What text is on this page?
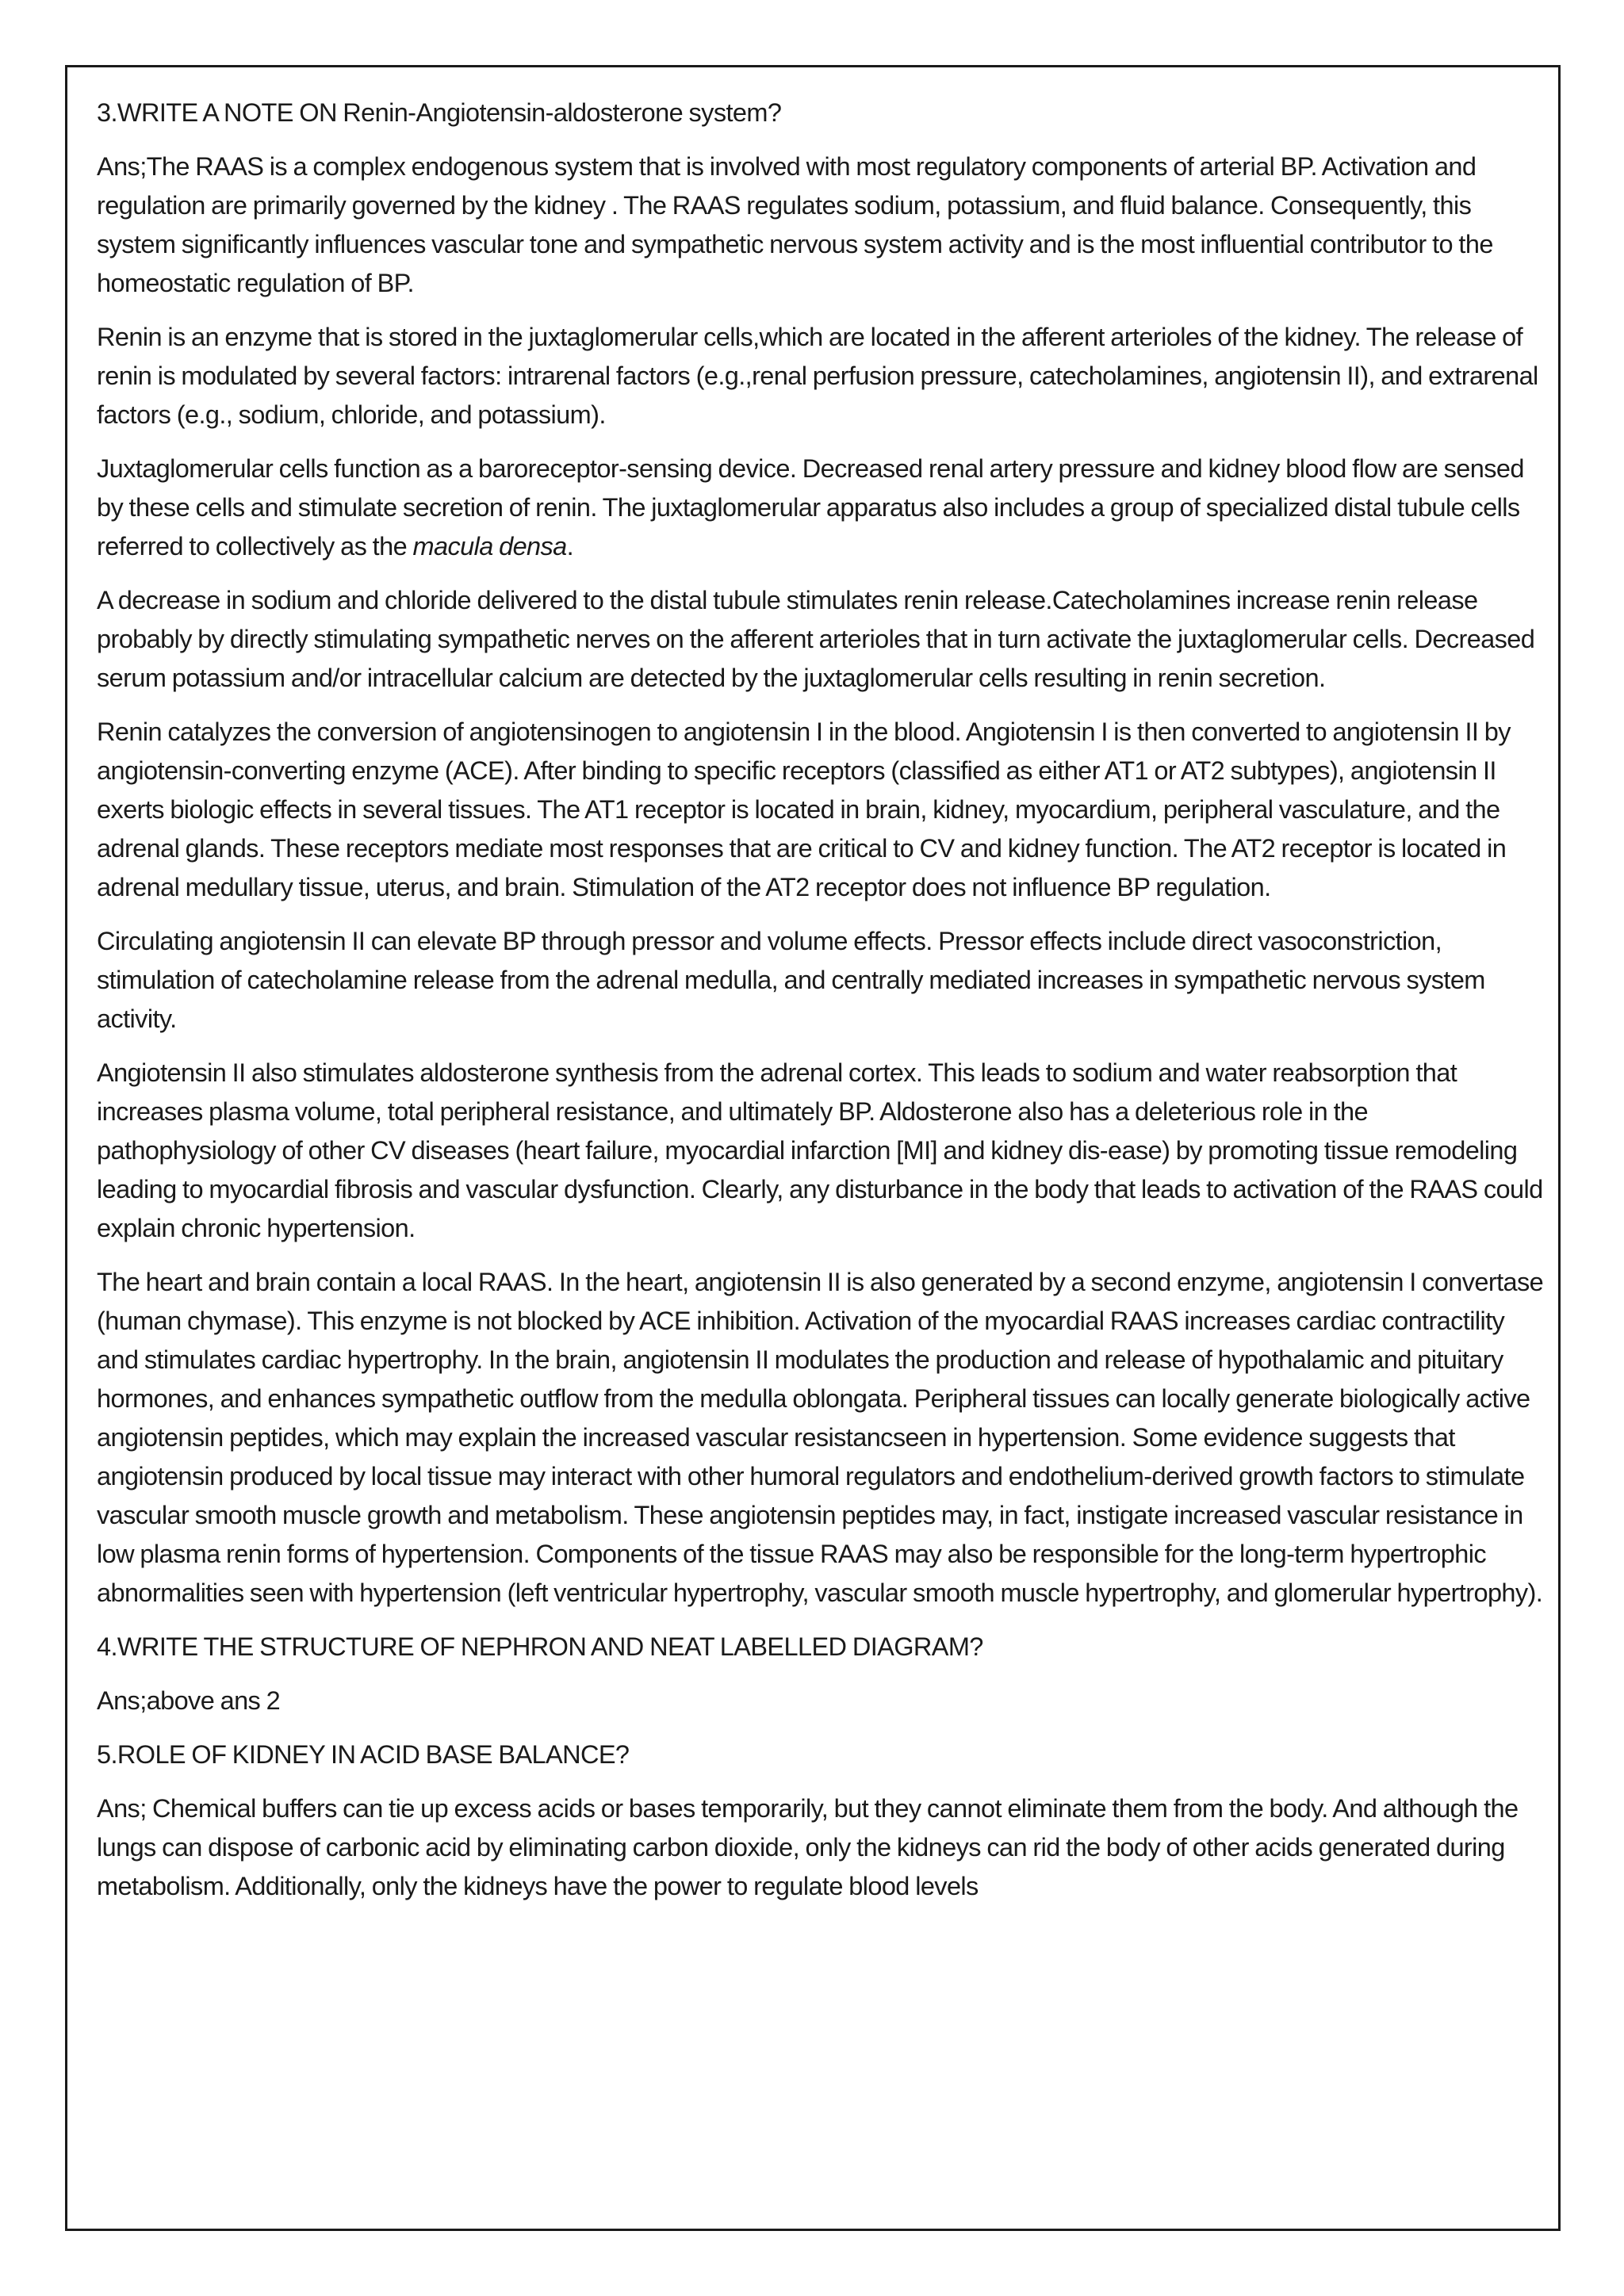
3.WRITE A NOTE ON Renin-Angiotensin-aldosterone system?

Ans;The RAAS is a complex endogenous system that is involved with most regulatory components of arterial BP. Activation and regulation are primarily governed by the kidney . The RAAS regulates sodium, potassium, and fluid balance. Consequently, this system significantly influences vascular tone and sympathetic nervous system activity and is the most influential contributor to the homeostatic regulation of BP.

Renin is an enzyme that is stored in the juxtaglomerular cells,which are located in the afferent arterioles of the kidney. The release of renin is modulated by several factors: intrarenal factors (e.g.,renal perfusion pressure, catecholamines, angiotensin II), and extrarenal factors (e.g., sodium, chloride, and potassium).

Juxtaglomerular cells function as a baroreceptor-sensing device. Decreased renal artery pressure and kidney blood flow are sensed by these cells and stimulate secretion of renin. The juxtaglomerular apparatus also includes a group of specialized distal tubule cells referred to collectively as the macula densa.

A decrease in sodium and chloride delivered to the distal tubule stimulates renin release.Catecholamines increase renin release probably by directly stimulating sympathetic nerves on the afferent arterioles that in turn activate the juxtaglomerular cells. Decreased serum potassium and/or intracellular calcium are detected by the juxtaglomerular cells resulting in renin secretion.

Renin catalyzes the conversion of angiotensinogen to angiotensin I in the blood. Angiotensin I is then converted to angiotensin II by angiotensin-converting enzyme (ACE). After binding to specific receptors (classified as either AT1 or AT2 subtypes), angiotensin II exerts biologic effects in several tissues. The AT1 receptor is located in brain, kidney, myocardium, peripheral vasculature, and the adrenal glands. These receptors mediate most responses that are critical to CV and kidney function. The AT2 receptor is located in adrenal medullary tissue, uterus, and brain. Stimulation of the AT2 receptor does not influence BP regulation.

Circulating angiotensin II can elevate BP through pressor and volume effects. Pressor effects include direct vasoconstriction, stimulation of catecholamine release from the adrenal medulla, and centrally mediated increases in sympathetic nervous system activity.

Angiotensin II also stimulates aldosterone synthesis from the adrenal cortex. This leads to sodium and water reabsorption that increases plasma volume, total peripheral resistance, and ultimately BP. Aldosterone also has a deleterious role in the pathophysiology of other CV diseases (heart failure, myocardial infarction [MI] and kidney dis-ease) by promoting tissue remodeling leading to myocardial fibrosis and vascular dysfunction. Clearly, any disturbance in the body that leads to activation of the RAAS could explain chronic hypertension.

The heart and brain contain a local RAAS. In the heart, angiotensin II is also generated by a second enzyme, angiotensin I convertase (human chymase). This enzyme is not blocked by ACE inhibition. Activation of the myocardial RAAS increases cardiac contractility and stimulates cardiac hypertrophy. In the brain, angiotensin II modulates the production and release of hypothalamic and pituitary hormones, and enhances sympathetic outflow from the medulla oblongata. Peripheral tissues can locally generate biologically active angiotensin peptides, which may explain the increased vascular resistancseen in hypertension. Some evidence suggests that angiotensin produced by local tissue may interact with other humoral regulators and endothelium-derived growth factors to stimulate vascular smooth muscle growth and metabolism. These angiotensin peptides may, in fact, instigate increased vascular resistance in low plasma renin forms of hypertension. Components of the tissue RAAS may also be responsible for the long-term hypertrophic abnormalities seen with hypertension (left ventricular hypertrophy, vascular smooth muscle hypertrophy, and glomerular hypertrophy).

4.WRITE THE STRUCTURE OF NEPHRON AND NEAT LABELLED DIAGRAM?

Ans;above ans 2

5.ROLE OF KIDNEY IN ACID BASE BALANCE?

Ans; Chemical buffers can tie up excess acids or bases temporarily, but they cannot eliminate them from the body. And although the lungs can dispose of carbonic acid by eliminating carbon dioxide, only the kidneys can rid the body of other acids generated during metabolism. Additionally, only the kidneys have the power to regulate blood levels
